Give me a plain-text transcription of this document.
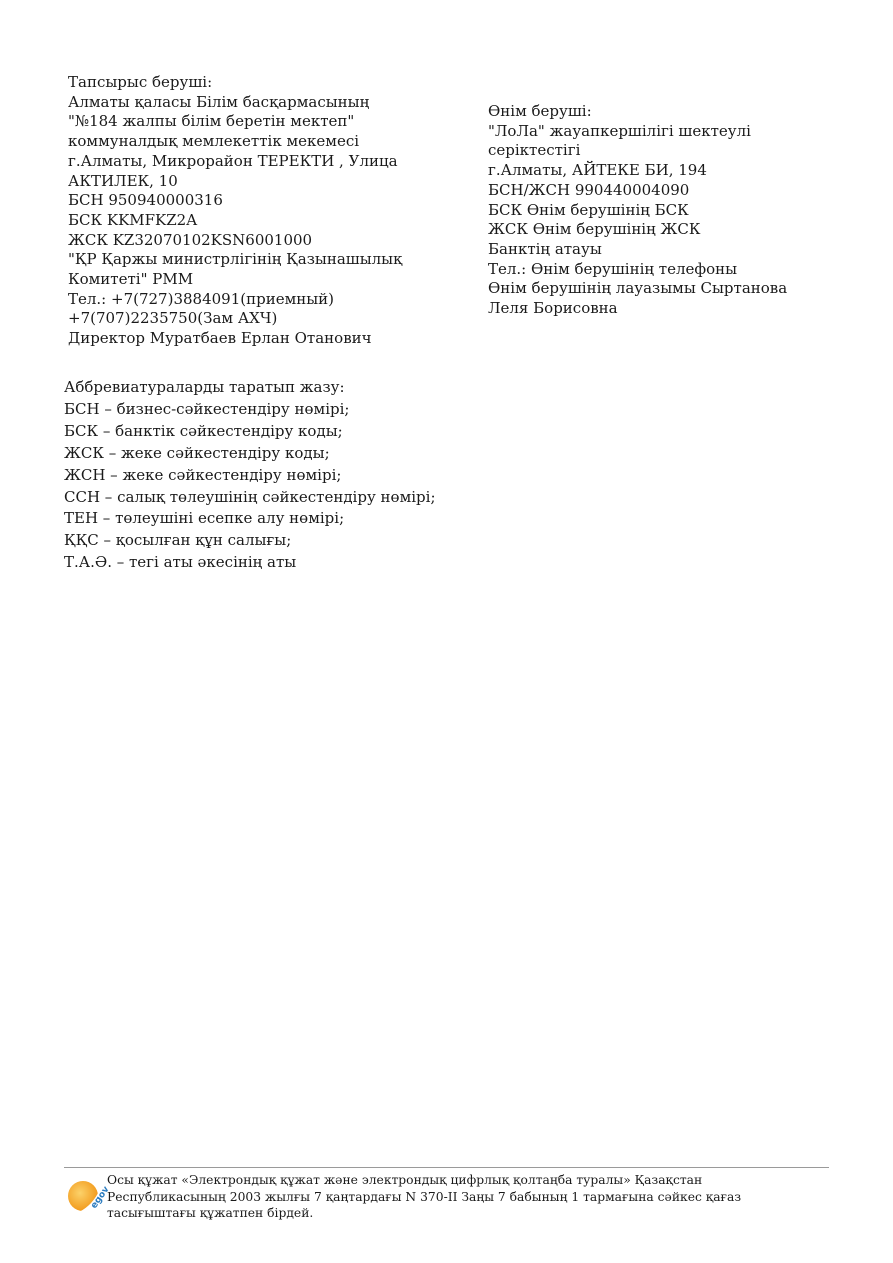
Тапсырыс беруші:
Алматы қаласы Білім басқармасының
"№184 жалпы білім беретін мектеп"
коммуналдық мемлекеттік мекемесі
г.Алматы, Микрорайон ТЕРЕКТИ , Улица
АКТИЛЕК, 10
БСН 950940000316
БСК KKMFKZ2A
ЖСК KZ32070102KSN6001000
"ҚР Қаржы министрлігінің Қазынашылық
Комитеті" РММ
Тел.: +7(727)3884091(приемный)
+7(707)2235750(Зам АХЧ)
Директор Муратбаев Ерлан Отанович
Өнім беруші:
"ЛоЛа" жауапкершілігі шектеулі
серіктестігі
г.Алматы, АЙТЕКЕ БИ, 194
БСН/ЖСН 990440004090
БСК Өнім берушінің БСК
ЖСК Өнім берушінің ЖСК
Банктің атауы
Тел.: Өнім берушінің телефоны
Өнім берушінің лауазымы Сыртанова
Леля Борисовна
Аббревиатураларды таратып жазу:
БСН – бизнес-сәйкестендіру нөмірі;
БСК – банктік сәйкестендіру коды;
ЖСК – жеке сәйкестендіру коды;
ЖСН – жеке сәйкестендіру нөмірі;
ССН – салық төлеушінің сәйкестендіру нөмірі;
ТЕН – төлеушіні есепке алу нөмірі;
ҚҚС – қосылған құн салығы;
Т.А.Ә. – тегі аты әкесінің аты
egov
Осы құжат «Электрондық құжат және электрондық цифрлық қолтаңба туралы» Қазақстан
Республикасының 2003 жылғы 7 қаңтардағы N 370-II Заңы 7 бабының 1 тармағына сәйкес қағаз
тасығыштағы құжатпен бірдей.
